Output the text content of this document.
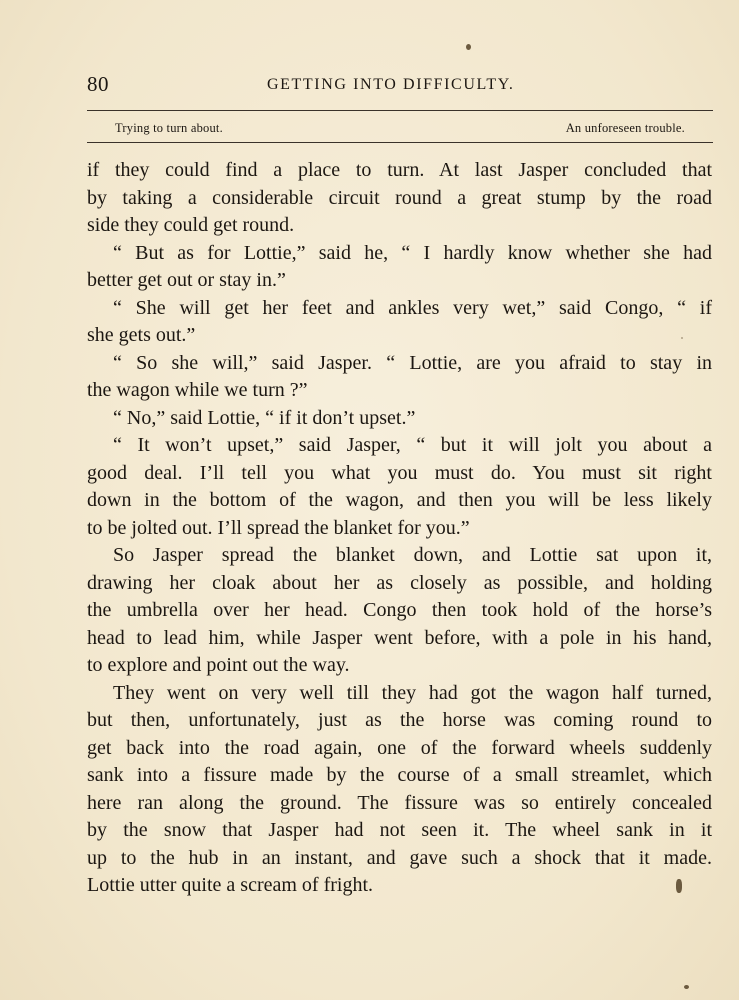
80	GETTING INTO DIFFICULTY.
Trying to turn about.	An unforeseen trouble.
if they could find a place to turn. At last Jasper concluded that
by taking a considerable circuit round a great stump by the road
side they could get round.
“ But as for Lottie,” said he, “ I hardly know whether she had
better get out or stay in.”
“ She will get her feet and ankles very wet,” said Congo, “ if
she gets out.”
“ So she will,” said Jasper. “ Lottie, are you afraid to stay in
the wagon while we turn ?”
“ No,” said Lottie, “ if it don’t upset.”
“ It won’t upset,” said Jasper, “ but it will jolt you about a
good deal. I’ll tell you what you must do. You must sit right
down in the bottom of the wagon, and then you will be less likely
to be jolted out. I’ll spread the blanket for you.”
So Jasper spread the blanket down, and Lottie sat upon it,
drawing her cloak about her as closely as possible, and holding
the umbrella over her head. Congo then took hold of the horse’s
head to lead him, while Jasper went before, with a pole in his hand,
to explore and point out the way.
They went on very well till they had got the wagon half turned,
but then, unfortunately, just as the horse was coming round to
get back into the road again, one of the forward wheels suddenly
sank into a fissure made by the course of a small streamlet, which
here ran along the ground. The fissure was so entirely concealed
by the snow that Jasper had not seen it. The wheel sank in it
up to the hub in an instant, and gave such a shock that it made.
Lottie utter quite a scream of fright.
